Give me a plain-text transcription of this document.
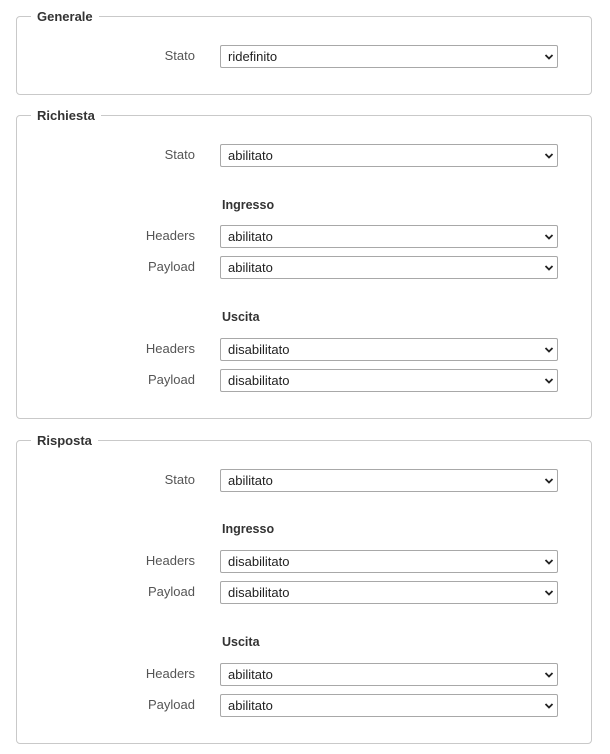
Generale
Stato	ridefinito
Richiesta
Stato	abilitato
Ingresso
Headers	abilitato
Payload	abilitato
Uscita
Headers	disabilitato
Payload	disabilitato
Risposta
Stato	abilitato
Ingresso
Headers	disabilitato
Payload	disabilitato
Uscita
Headers	abilitato
Payload	abilitato
